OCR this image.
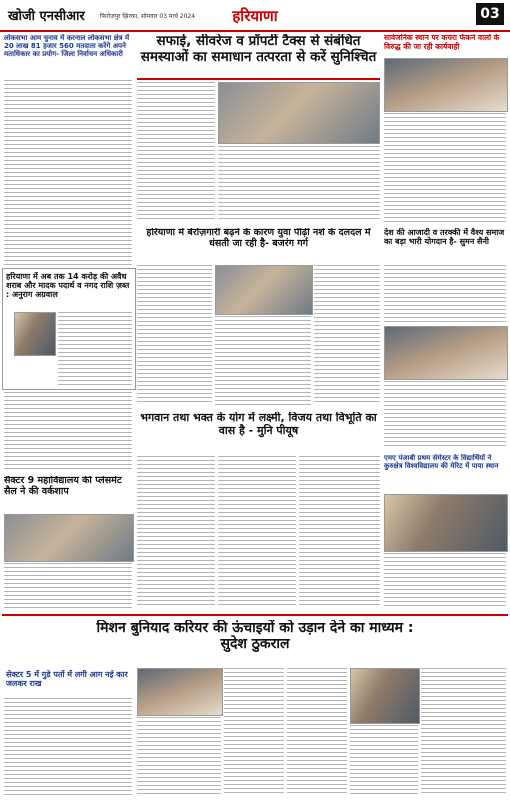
खोजी एनसीआर	फिरोज़पुर झिरका, सोमवार 03 मार्च 2024	हरियाणा	03
सफाई, सीवरेज व प्रॉपर्टी टैक्स से संबंधित समस्याओं का समाधान तत्परता से करें सुनिश्चित
लोकसभा आम चुनाव में करनाल लोकसभा क्षेत्र में 20 लाख 81 हजार 560 मतदाता करेंगे अपने मताधिकार का प्रयोग- जिला निर्वाचन अधिकारी
सार्वजनिक स्थान पर कचरा फेंकने वालों के विरुद्ध की जा रही कार्यवाही
हरियाणा में अब तक 14 करोड़ की अवैध शराब और मादक पदार्थ व नगद राशि ज़ब्त : अनुराग अग्रवाल
हरियाणा में बेरोज़गारी बढ़ने के कारण युवा पीढ़ी नशे के दलदल में धंसती जा रही है- बजरंग गर्ग
देश की आजादी व तरक्की में वैश्य समाज का बड़ा भारी योगदान है- सुमन सैनी
भगवान तथा भक्त के योग में लक्ष्मी, विजय तथा विभूति का वास है - मुनि पीयूष
एमए पंजाबी प्रथम सेमेस्टर के विद्यार्थियों ने कुरुक्षेत्र विश्वविद्यालय की मेरिट में पाया स्थान
सैक्टर 9 महाविद्यालय की प्लेसमेंट सैल ने की वर्कशाप
मिशन बुनियाद करियर की ऊंचाइयों को उड़ान देने का माध्यम : सुदेश ठुकराल
सेक्टर 5 में गुडे पतों में लगी आग नई कार जलकर राख
